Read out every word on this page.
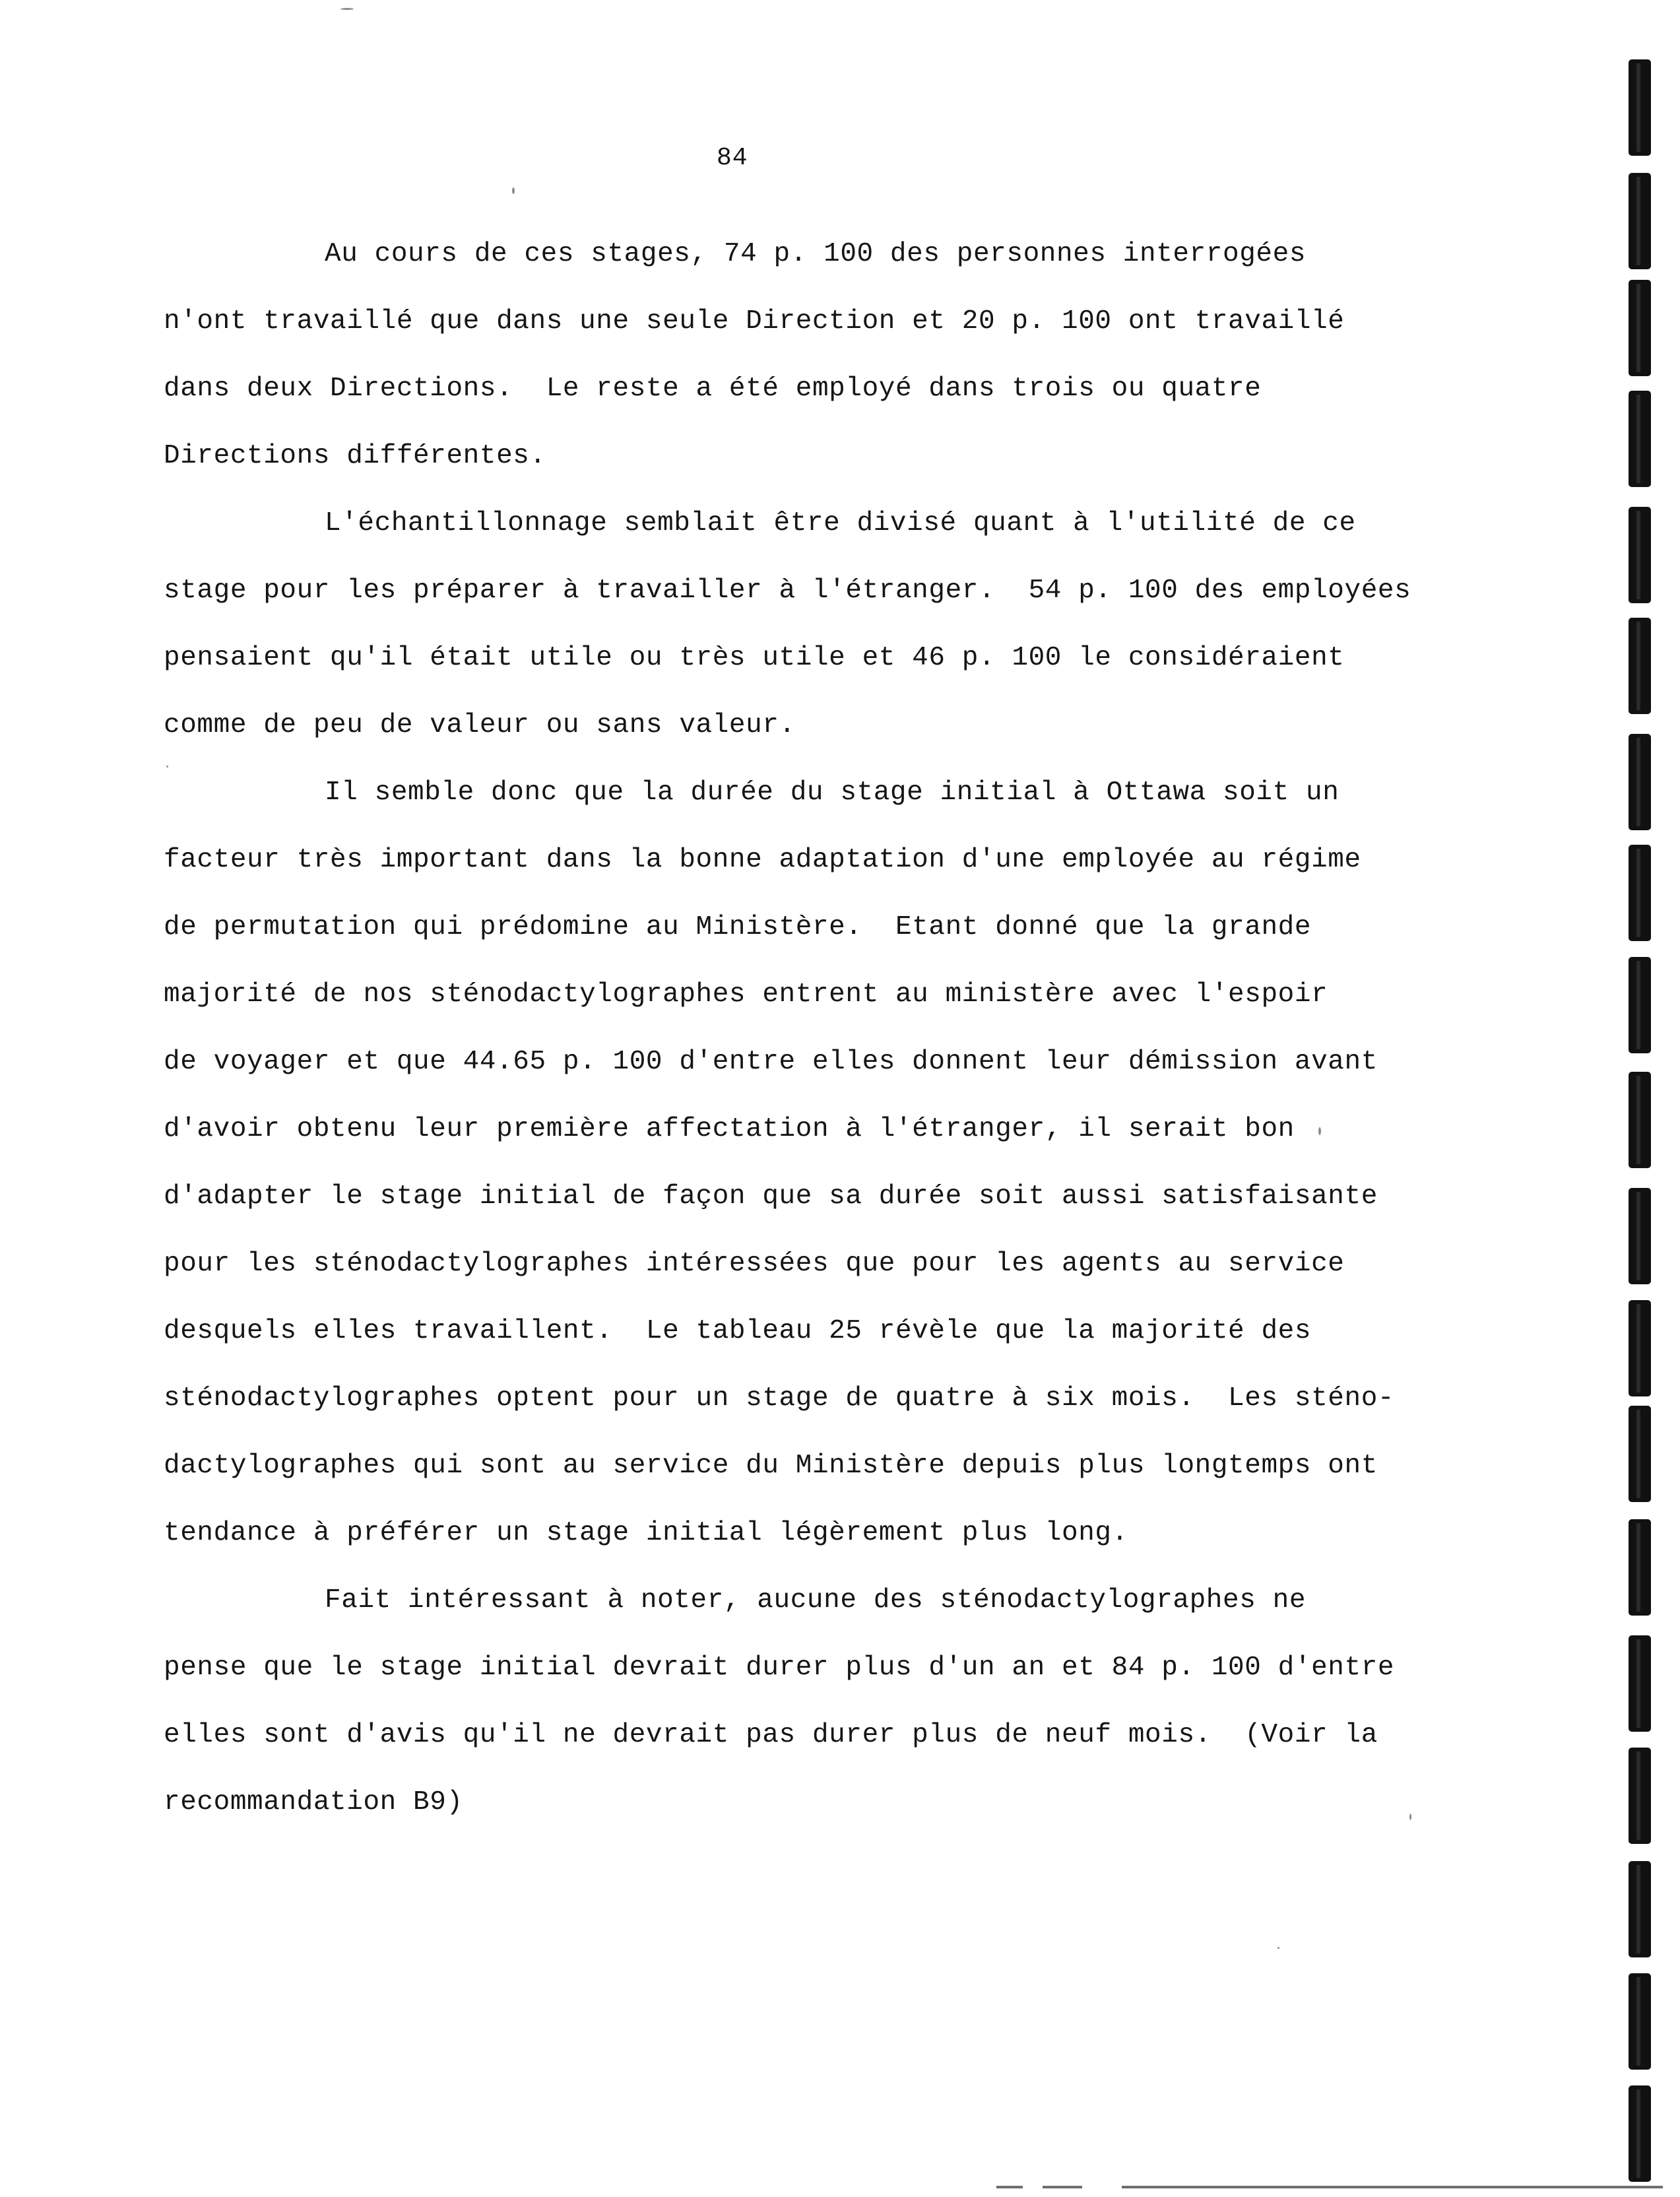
84
Au cours de ces stages, 74 p. 100 des personnes interrogées
n'ont travaillé que dans une seule Direction et 20 p. 100 ont travaillé
dans deux Directions.  Le reste a été employé dans trois ou quatre
Directions différentes.
L'échantillonnage semblait être divisé quant à l'utilité de ce
stage pour les préparer à travailler à l'étranger.  54 p. 100 des employées
pensaient qu'il était utile ou très utile et 46 p. 100 le considéraient
comme de peu de valeur ou sans valeur.
Il semble donc que la durée du stage initial à Ottawa soit un
facteur très important dans la bonne adaptation d'une employée au régime
de permutation qui prédomine au Ministère.  Etant donné que la grande
majorité de nos sténodactylographes entrent au ministère avec l'espoir
de voyager et que 44.65 p. 100 d'entre elles donnent leur démission avant
d'avoir obtenu leur première affectation à l'étranger, il serait bon
d'adapter le stage initial de façon que sa durée soit aussi satisfaisante
pour les sténodactylographes intéressées que pour les agents au service
desquels elles travaillent.  Le tableau 25 révèle que la majorité des
sténodactylographes optent pour un stage de quatre à six mois.  Les sténo-
dactylographes qui sont au service du Ministère depuis plus longtemps ont
tendance à préférer un stage initial légèrement plus long.
Fait intéressant à noter, aucune des sténodactylographes ne
pense que le stage initial devrait durer plus d'un an et 84 p. 100 d'entre
elles sont d'avis qu'il ne devrait pas durer plus de neuf mois.  (Voir la
recommandation B9)
